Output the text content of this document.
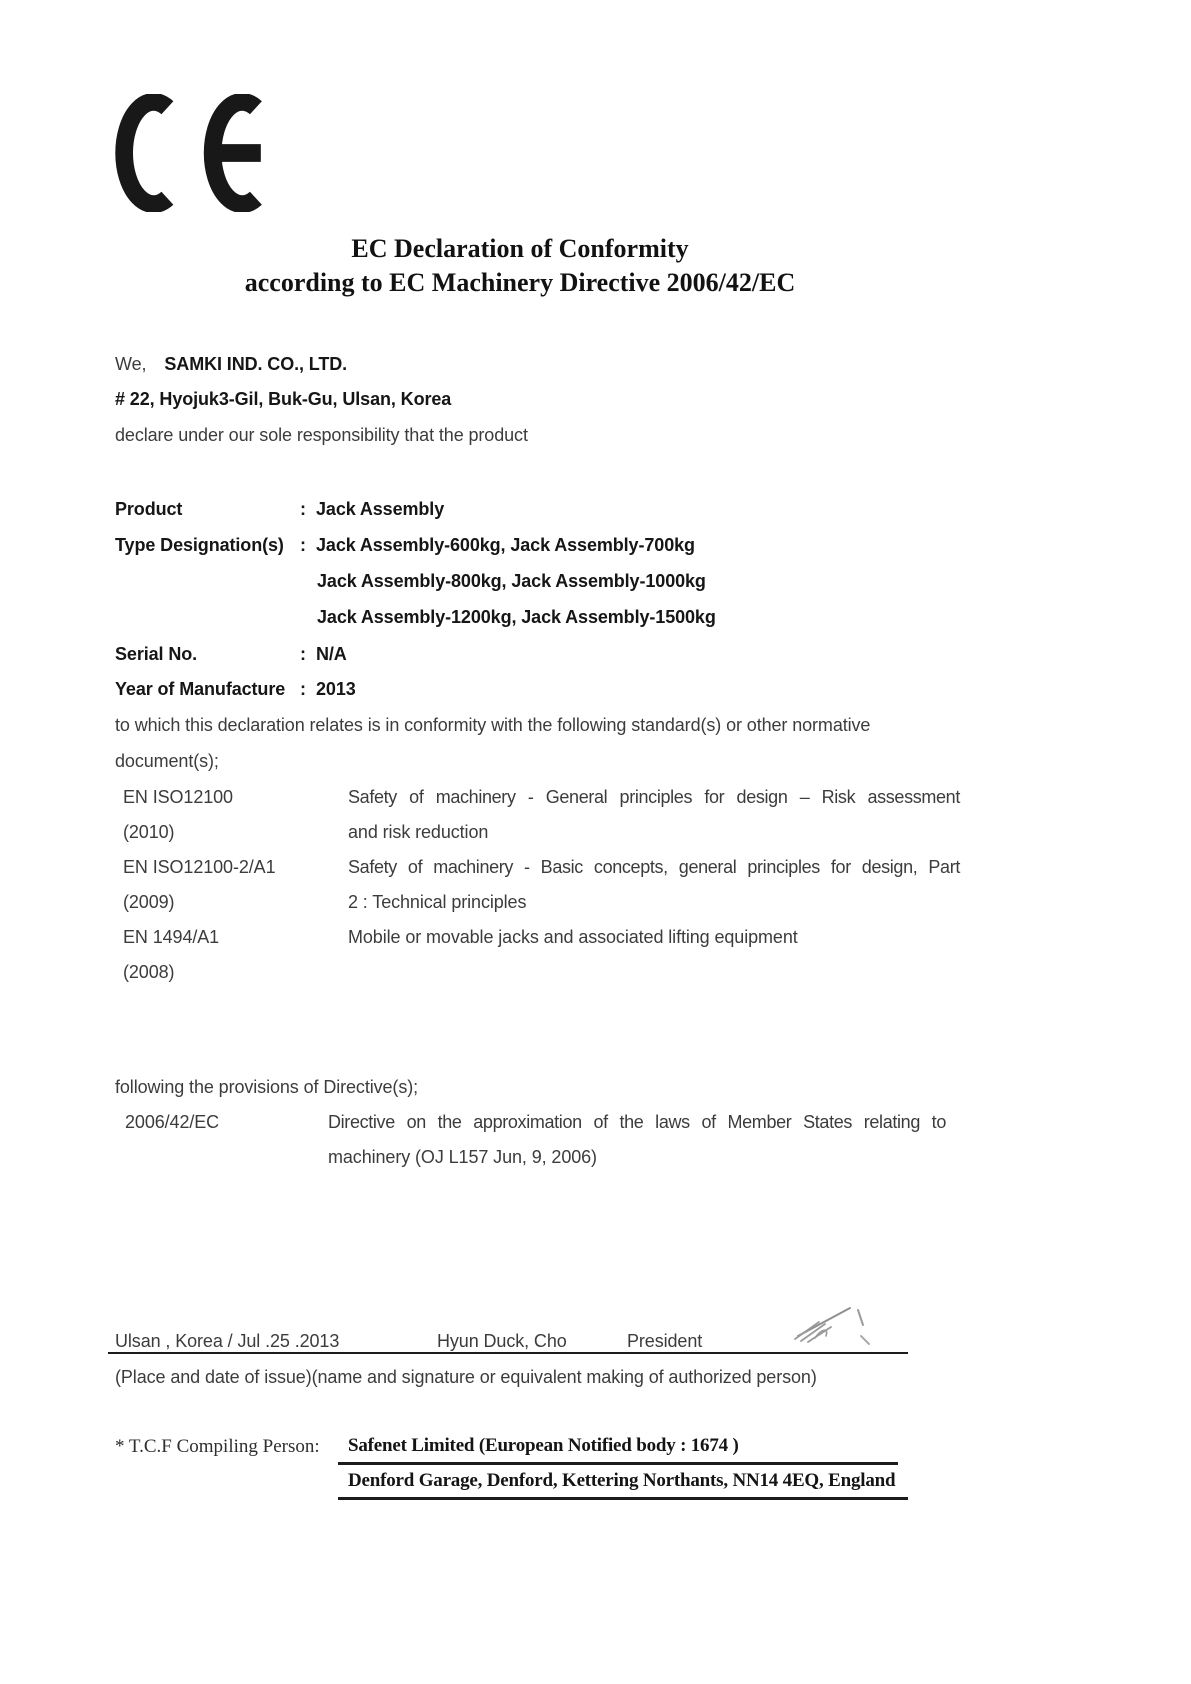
EC Declaration of Conformity
according to EC Machinery Directive 2006/42/EC
We, SAMKI IND. CO., LTD.
# 22, Hyojuk3-Gil, Buk-Gu, Ulsan, Korea
declare under our sole responsibility that the product
Product	: Jack Assembly
Type Designation(s) : Jack Assembly-600kg, Jack Assembly-700kg
Jack Assembly-800kg, Jack Assembly-1000kg
Jack Assembly-1200kg, Jack Assembly-1500kg
Serial No.	: N/A
Year of Manufacture : 2013
to which this declaration relates is in conformity with the following standard(s) or other normative
document(s);
EN ISO12100	Safety of machinery - General principles for design – Risk assessment
(2010)	and risk reduction
EN ISO12100-2/A1	Safety of machinery - Basic concepts, general principles for design, Part
(2009)	2 : Technical principles
EN 1494/A1	Mobile or movable jacks and associated lifting equipment
(2008)
following the provisions of Directive(s);
2006/42/EC	Directive on the approximation of the laws of Member States relating to
machinery (OJ L157 Jun, 9, 2006)
Ulsan , Korea / Jul .25 .2013	Hyun Duck, Cho	President
(Place and date of issue)(name and signature or equivalent making of authorized person)
* T.C.F Compiling Person: Safenet Limited (European Notified body : 1674 )
Denford Garage, Denford, Kettering Northants, NN14 4EQ, England
